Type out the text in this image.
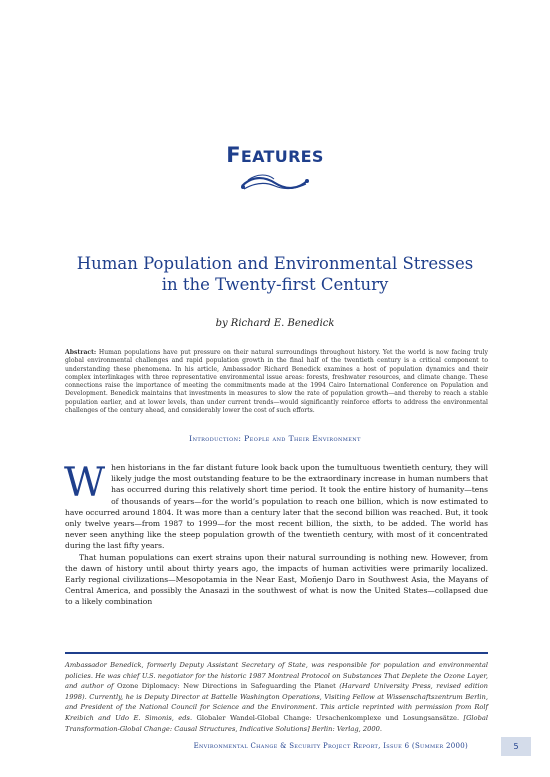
FEATURES
Human Population and Environmental Stresses
in the Twenty-first Century
by Richard E. Benedick
Abstract: Human populations have put pressure on their natural surroundings throughout history. Yet the world is now facing truly global environmental challenges and rapid population growth in the final half of the twentieth century is a critical component to understanding these phenomena. In his article, Ambassador Richard Benedick examines a host of population dynamics and their complex interlinkages with three representative environmental issue areas: forests, freshwater resources, and climate change. These connections raise the importance of meeting the commitments made at the 1994 Cairo International Conference on Population and Development. Benedick maintains that investments in measures to slow the rate of population growth—and thereby to reach a stable population earlier, and at lower levels, than under current trends—would significantly reinforce efforts to address the environmental challenges of the century ahead, and considerably lower the cost of such efforts.
Introduction: People and Their Environment

When historians in the far distant future look back upon the tumultuous twentieth century, they will likely judge the most outstanding feature to be the extraordinary increase in human numbers that has occurred during this relatively short time period. It took the entire history of humanity—tens of thousands of years—for the world’s population to reach one billion, which is now estimated to have occurred around 1804. It was more than a century later that the second billion was reached. But, it took only twelve years—from 1987 to 1999—for the most recent billion, the sixth, to be added. The world has never seen anything like the steep population growth of the twentieth century, with most of it concentrated during the last fifty years.

That human populations can exert strains upon their natural surrounding is nothing new. However, from the dawn of history until about thirty years ago, the impacts of human activities were primarily localized. Early regional civilizations—Mesopotamia in the Near East, Moñenjo Daro in Southwest Asia, the Mayans of Central America, and possibly the Anasazi in the southwest of what is now the United States—collapsed due to a likely combination

Ambassador Benedick, formerly Deputy Assistant Secretary of State, was responsible for population and environmental policies. He was chief U.S. negotiator for the historic 1987 Montreal Protocol on Substances That Deplete the Ozone Layer, and author of Ozone Diplomacy: New Directions in Safeguarding the Planet (Harvard University Press, revised edition 1998). Currently, he is Deputy Director at Battelle Washington Operations, Visiting Fellow at Wissenschaftszentrum Berlin, and President of the National Council for Science and the Environment. This article reprinted with permission from Rolf Kreibich and Udo E. Simonis, eds. Globaler Wandel-Global Change: Ursachenkomplexe und Losungsansätze. [Global Transformation-Global Change: Causal Structures, Indicative Solutions] Berlin: Verlag, 2000.
Environmental Change & Security Project Report, Issue 6 (Summer 2000)	5
